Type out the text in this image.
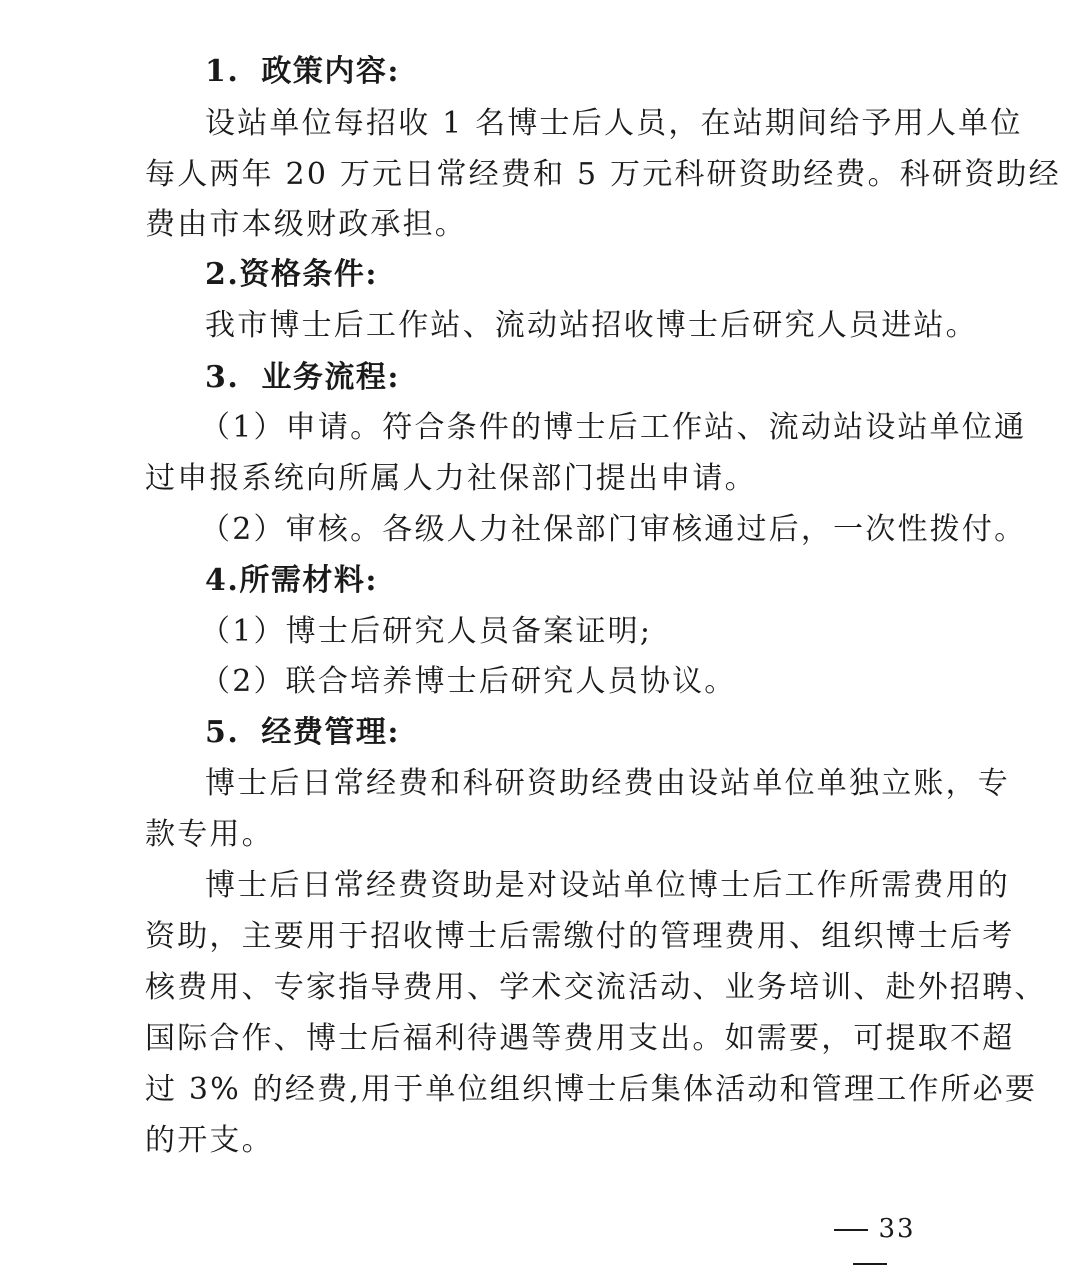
1. 政策内容:
设站单位每招收 1 名博士后人员，在站期间给予用人单位
每人两年 20 万元日常经费和 5 万元科研资助经费。科研资助经
费由市本级财政承担。
2.资格条件:
我市博士后工作站、流动站招收博士后研究人员进站。
3. 业务流程:
（1）申请。符合条件的博士后工作站、流动站设站单位通
过申报系统向所属人力社保部门提出申请。
（2）审核。各级人力社保部门审核通过后，一次性拨付。
4.所需材料:
（1）博士后研究人员备案证明;
（2）联合培养博士后研究人员协议。
5. 经费管理:
博士后日常经费和科研资助经费由设站单位单独立账，专
款专用。
博士后日常经费资助是对设站单位博士后工作所需费用的
资助，主要用于招收博士后需缴付的管理费用、组织博士后考
核费用、专家指导费用、学术交流活动、业务培训、赴外招聘、
国际合作、博士后福利待遇等费用支出。如需要，可提取不超
过 3% 的经费,用于单位组织博士后集体活动和管理工作所必要
的开支。
33
